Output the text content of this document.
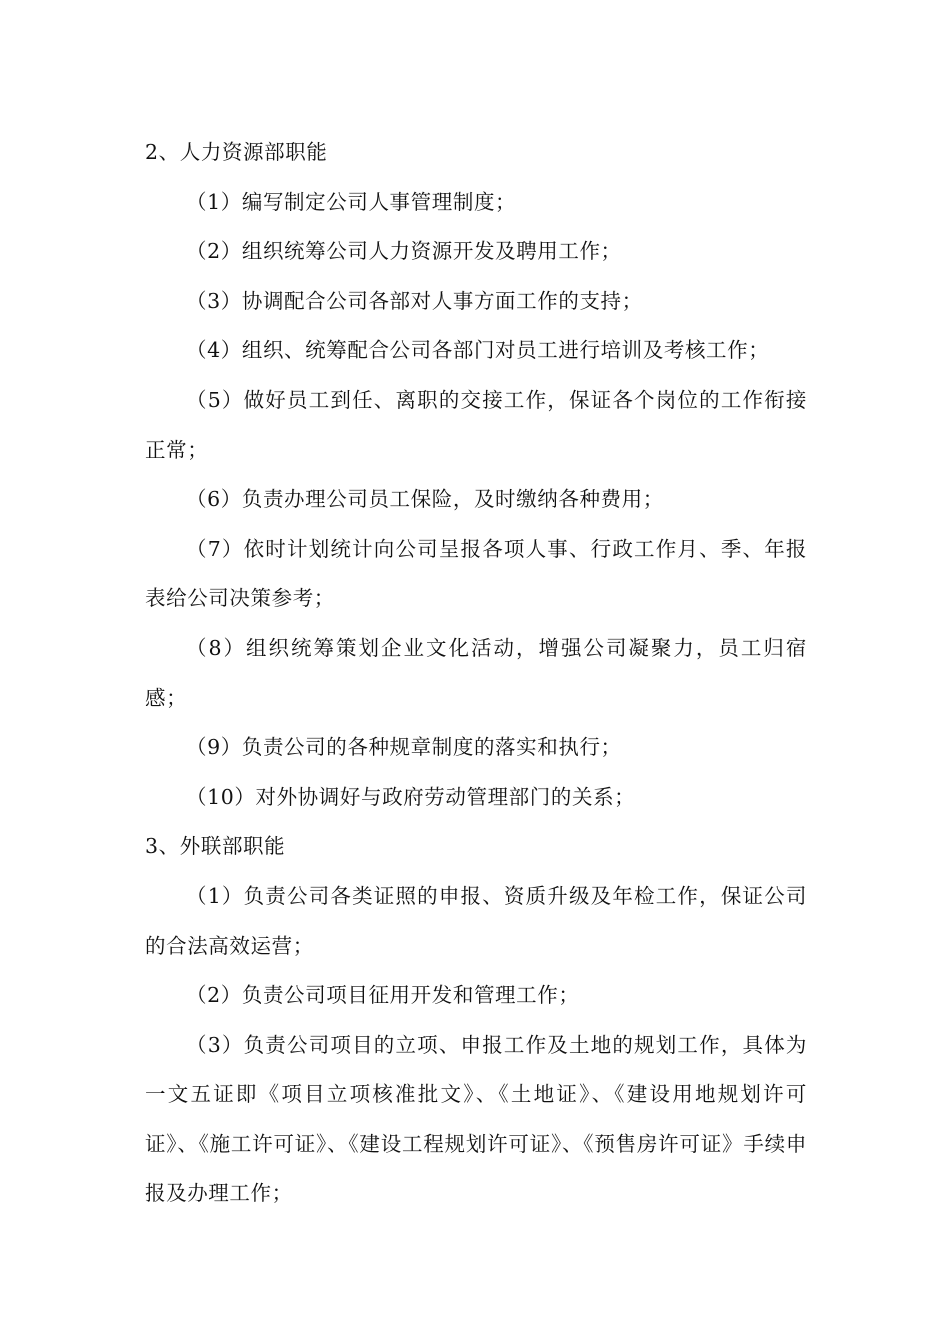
2、人力资源部职能

（1）编写制定公司人事管理制度；

（2）组织统筹公司人力资源开发及聘用工作；

（3）协调配合公司各部对人事方面工作的支持；

（4）组织、统筹配合公司各部门对员工进行培训及考核工作；

（5）做好员工到任、离职的交接工作，保证各个岗位的工作衔接正常；

（6）负责办理公司员工保险，及时缴纳各种费用；

（7）依时计划统计向公司呈报各项人事、行政工作月、季、年报表给公司决策参考；

（8）组织统筹策划企业文化活动，增强公司凝聚力，员工归宿感；

（9）负责公司的各种规章制度的落实和执行；

（10）对外协调好与政府劳动管理部门的关系；

3、外联部职能

（1）负责公司各类证照的申报、资质升级及年检工作，保证公司的合法高效运营；

（2）负责公司项目征用开发和管理工作；

（3）负责公司项目的立项、申报工作及土地的规划工作，具体为一文五证即《项目立项核准批文》、《土地证》、《建设用地规划许可证》、《施工许可证》、《建设工程规划许可证》、《预售房许可证》手续申报及办理工作；
